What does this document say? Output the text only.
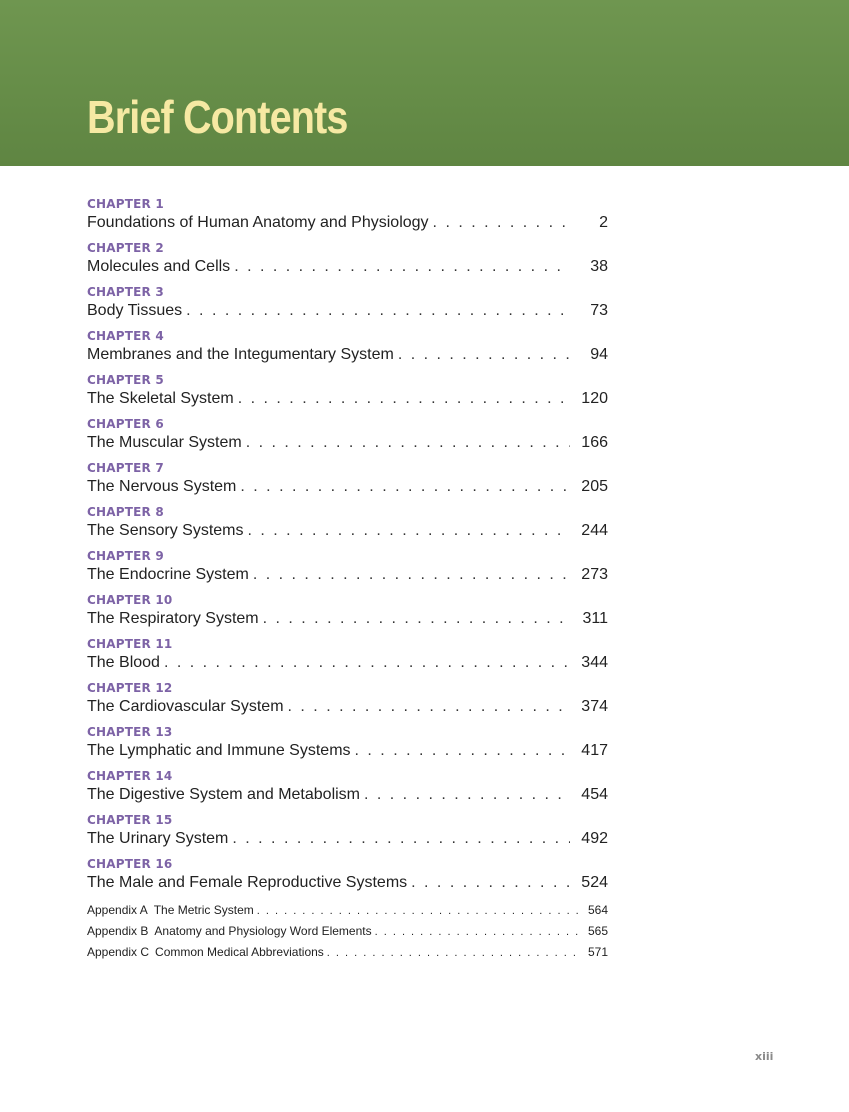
Brief Contents
CHAPTER 1
Foundations of Human Anatomy and Physiology . . .	2
CHAPTER 2
Molecules and Cells . . .	38
CHAPTER 3
Body Tissues . . .	73
CHAPTER 4
Membranes and the Integumentary System . . .	94
CHAPTER 5
The Skeletal System . . .	120
CHAPTER 6
The Muscular System . . .	166
CHAPTER 7
The Nervous System . . .	205
CHAPTER 8
The Sensory Systems . . .	244
CHAPTER 9
The Endocrine System . . .	273
CHAPTER 10
The Respiratory System . . .	311
CHAPTER 11
The Blood . . .	344
CHAPTER 12
The Cardiovascular System . . .	374
CHAPTER 13
The Lymphatic and Immune Systems . . .	417
CHAPTER 14
The Digestive System and Metabolism . . .	454
CHAPTER 15
The Urinary System . . .	492
CHAPTER 16
The Male and Female Reproductive Systems . . .	524
Appendix A The Metric System . . .	564
Appendix B Anatomy and Physiology Word Elements . . .	565
Appendix C Common Medical Abbreviations . . .	571
xiii
